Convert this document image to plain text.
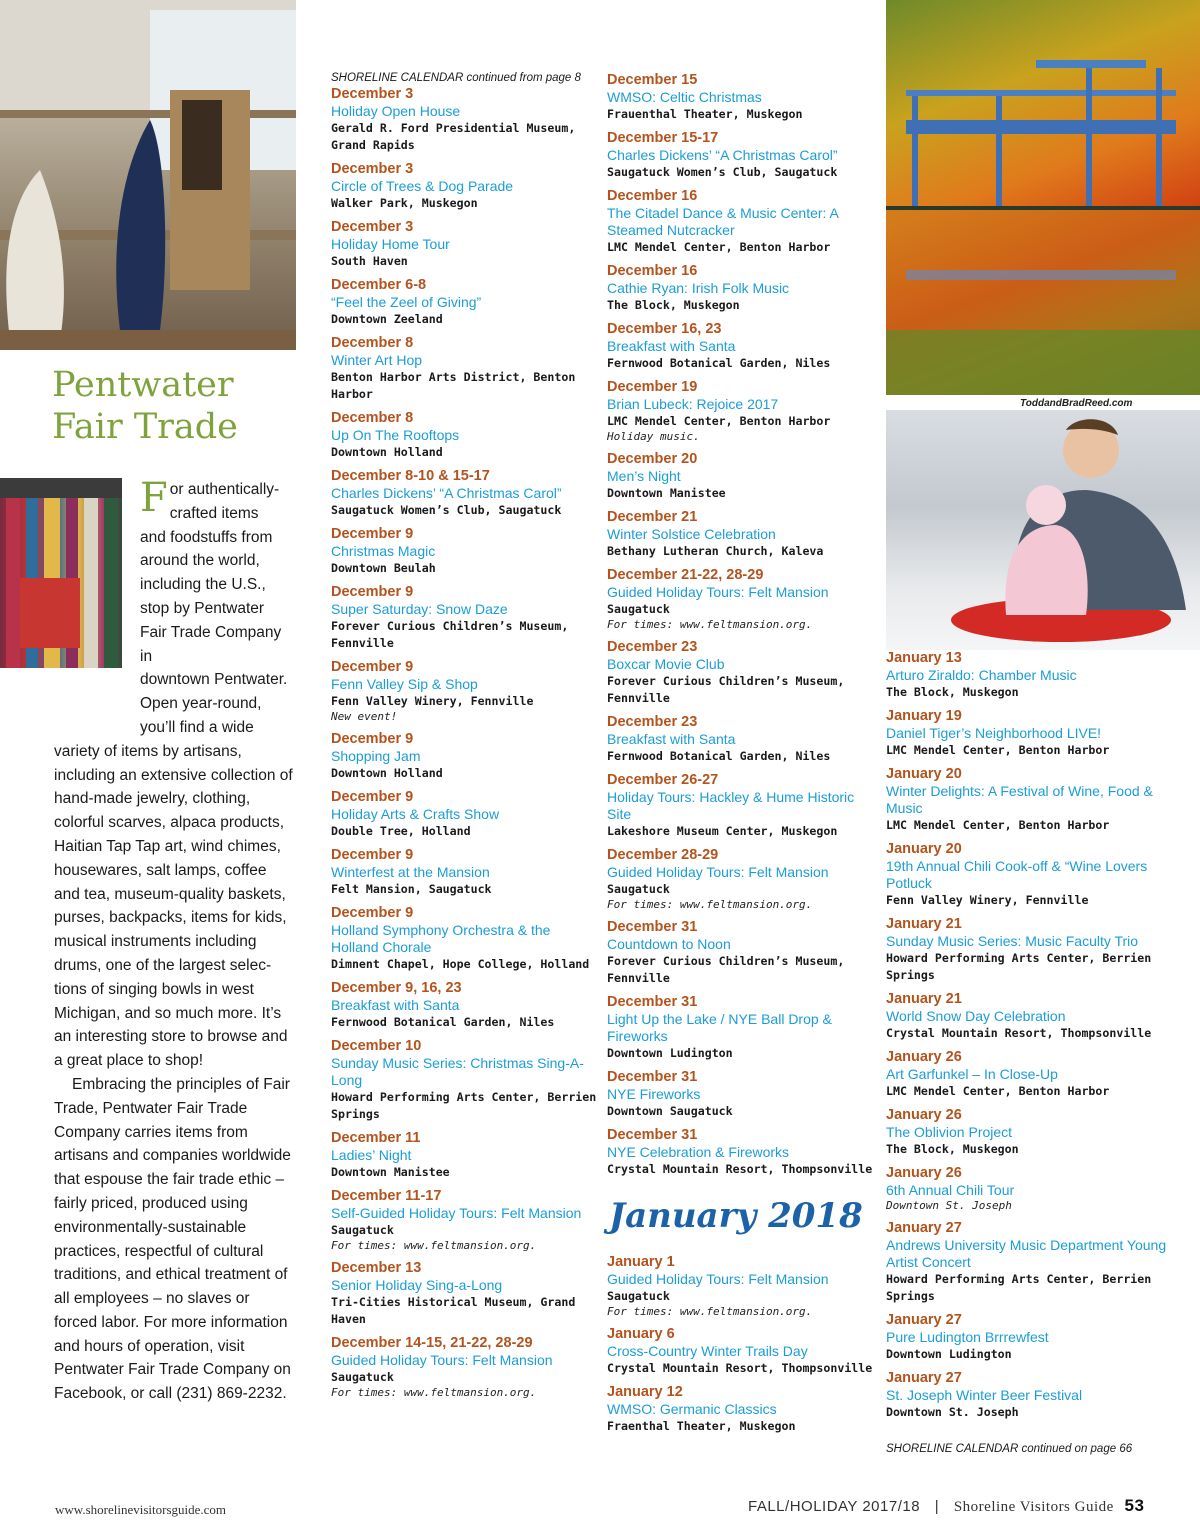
ToddandBradReed.com
Pentwater
Fair Trade
F or authentically-
crafted items
and foodstuffs from
around the world,
including the U.S.,
stop by Pentwater
Fair Trade Company in
downtown Pentwater.
Open year-round,
you’ll find a wide

variety of items by artisans, including an extensive collection of hand-made jewelry, clothing, colorful scarves, alpaca products, Haitian Tap Tap art, wind chimes, housewares, salt lamps, coffee and tea, museum-quality baskets, purses, backpacks, items for kids, musical instruments including drums, one of the largest selections of singing bowls in west Michigan, and so much more. It’s an interesting store to browse and a great place to shop!

Embracing the principles of Fair Trade, Pentwater Fair Trade Company carries items from artisans and companies worldwide that espouse the fair trade ethic – fairly priced, produced using environmentally-sustainable practices, respectful of cultural traditions, and ethical treatment of all employees – no slaves or forced labor. For more information and hours of operation, visit Pentwater Fair Trade Company on Facebook, or call (231) 869-2232.

SHORELINE CALENDAR continued from page 8

December 3
Holiday Open House
Gerald R. Ford Presidential Museum, Grand Rapids
December 3
Circle of Trees & Dog Parade
Walker Park, Muskegon
December 3
Holiday Home Tour
South Haven
December 6-8
“Feel the Zeel of Giving”
Downtown Zeeland
December 8
Winter Art Hop
Benton Harbor Arts District, Benton Harbor
December 8
Up On The Rooftops
Downtown Holland
December 8-10 & 15-17
Charles Dickens’ “A Christmas Carol”
Saugatuck Women’s Club, Saugatuck
December 9
Christmas Magic
Downtown Beulah
December 9
Super Saturday: Snow Daze
Forever Curious Children’s Museum, Fennville
December 9
Fenn Valley Sip & Shop
Fenn Valley Winery, Fennville
New event!
December 9
Shopping Jam
Downtown Holland
December 9
Holiday Arts & Crafts Show
Double Tree, Holland
December 9
Winterfest at the Mansion
Felt Mansion, Saugatuck
December 9
Holland Symphony Orchestra & the Holland Chorale
Dimnent Chapel, Hope College, Holland
December 9, 16, 23
Breakfast with Santa
Fernwood Botanical Garden, Niles
December 10
Sunday Music Series: Christmas Sing-A-Long
Howard Performing Arts Center, Berrien Springs
December 11
Ladies’ Night
Downtown Manistee
December 11-17
Self-Guided Holiday Tours: Felt Mansion
Saugatuck
For times: www.feltmansion.org.
December 13
Senior Holiday Sing-a-Long
Tri-Cities Historical Museum, Grand Haven
December 14-15, 21-22, 28-29
Guided Holiday Tours: Felt Mansion
Saugatuck
For times: www.feltmansion.org.
December 15
WMSO: Celtic Christmas
Frauenthal Theater, Muskegon
December 15-17
Charles Dickens’ “A Christmas Carol”
Saugatuck Women’s Club, Saugatuck
December 16
The Citadel Dance & Music Center: A Steamed Nutcracker
LMC Mendel Center, Benton Harbor
December 16
Cathie Ryan: Irish Folk Music
The Block, Muskegon
December 16, 23
Breakfast with Santa
Fernwood Botanical Garden, Niles
December 19
Brian Lubeck: Rejoice 2017
LMC Mendel Center, Benton Harbor
Holiday music.
December 20
Men’s Night
Downtown Manistee
December 21
Winter Solstice Celebration
Bethany Lutheran Church, Kaleva
December 21-22, 28-29
Guided Holiday Tours: Felt Mansion
Saugatuck
For times: www.feltmansion.org.
December 23
Boxcar Movie Club
Forever Curious Children’s Museum, Fennville
December 23
Breakfast with Santa
Fernwood Botanical Garden, Niles
December 26-27
Holiday Tours: Hackley & Hume Historic Site
Lakeshore Museum Center, Muskegon
December 28-29
Guided Holiday Tours: Felt Mansion
Saugatuck
For times: www.feltmansion.org.
December 31
Countdown to Noon
Forever Curious Children’s Museum, Fennville
December 31
Light Up the Lake / NYE Ball Drop & Fireworks
Downtown Ludington
December 31
NYE Fireworks
Downtown Saugatuck
December 31
NYE Celebration & Fireworks
Crystal Mountain Resort, Thompsonville
January 2018
January 1
Guided Holiday Tours: Felt Mansion
Saugatuck
For times: www.feltmansion.org.
January 6
Cross-Country Winter Trails Day
Crystal Mountain Resort, Thompsonville
January 12
WMSO: Germanic Classics
Fraenthal Theater, Muskegon
January 13
Arturo Ziraldo: Chamber Music
The Block, Muskegon
January 19
Daniel Tiger’s Neighborhood LIVE!
LMC Mendel Center, Benton Harbor
January 20
Winter Delights: A Festival of Wine, Food & Music
LMC Mendel Center, Benton Harbor
January 20
19th Annual Chili Cook-off & “Wine Lovers Potluck
Fenn Valley Winery, Fennville
January 21
Sunday Music Series: Music Faculty Trio
Howard Performing Arts Center, Berrien Springs
January 21
World Snow Day Celebration
Crystal Mountain Resort, Thompsonville
January 26
Art Garfunkel – In Close-Up
LMC Mendel Center, Benton Harbor
January 26
The Oblivion Project
The Block, Muskegon
January 26
6th Annual Chili Tour
Downtown St. Joseph
January 27
Andrews University Music Department Young Artist Concert
Howard Performing Arts Center, Berrien Springs
January 27
Pure Ludington Brrrewfest
Downtown Ludington
January 27
St. Joseph Winter Beer Festival
Downtown St. Joseph

SHORELINE CALENDAR continued on page 66

www.shorelinevisitorsguide.com	FALL/HOLIDAY 2017/18 | Shoreline Visitors Guide 53
